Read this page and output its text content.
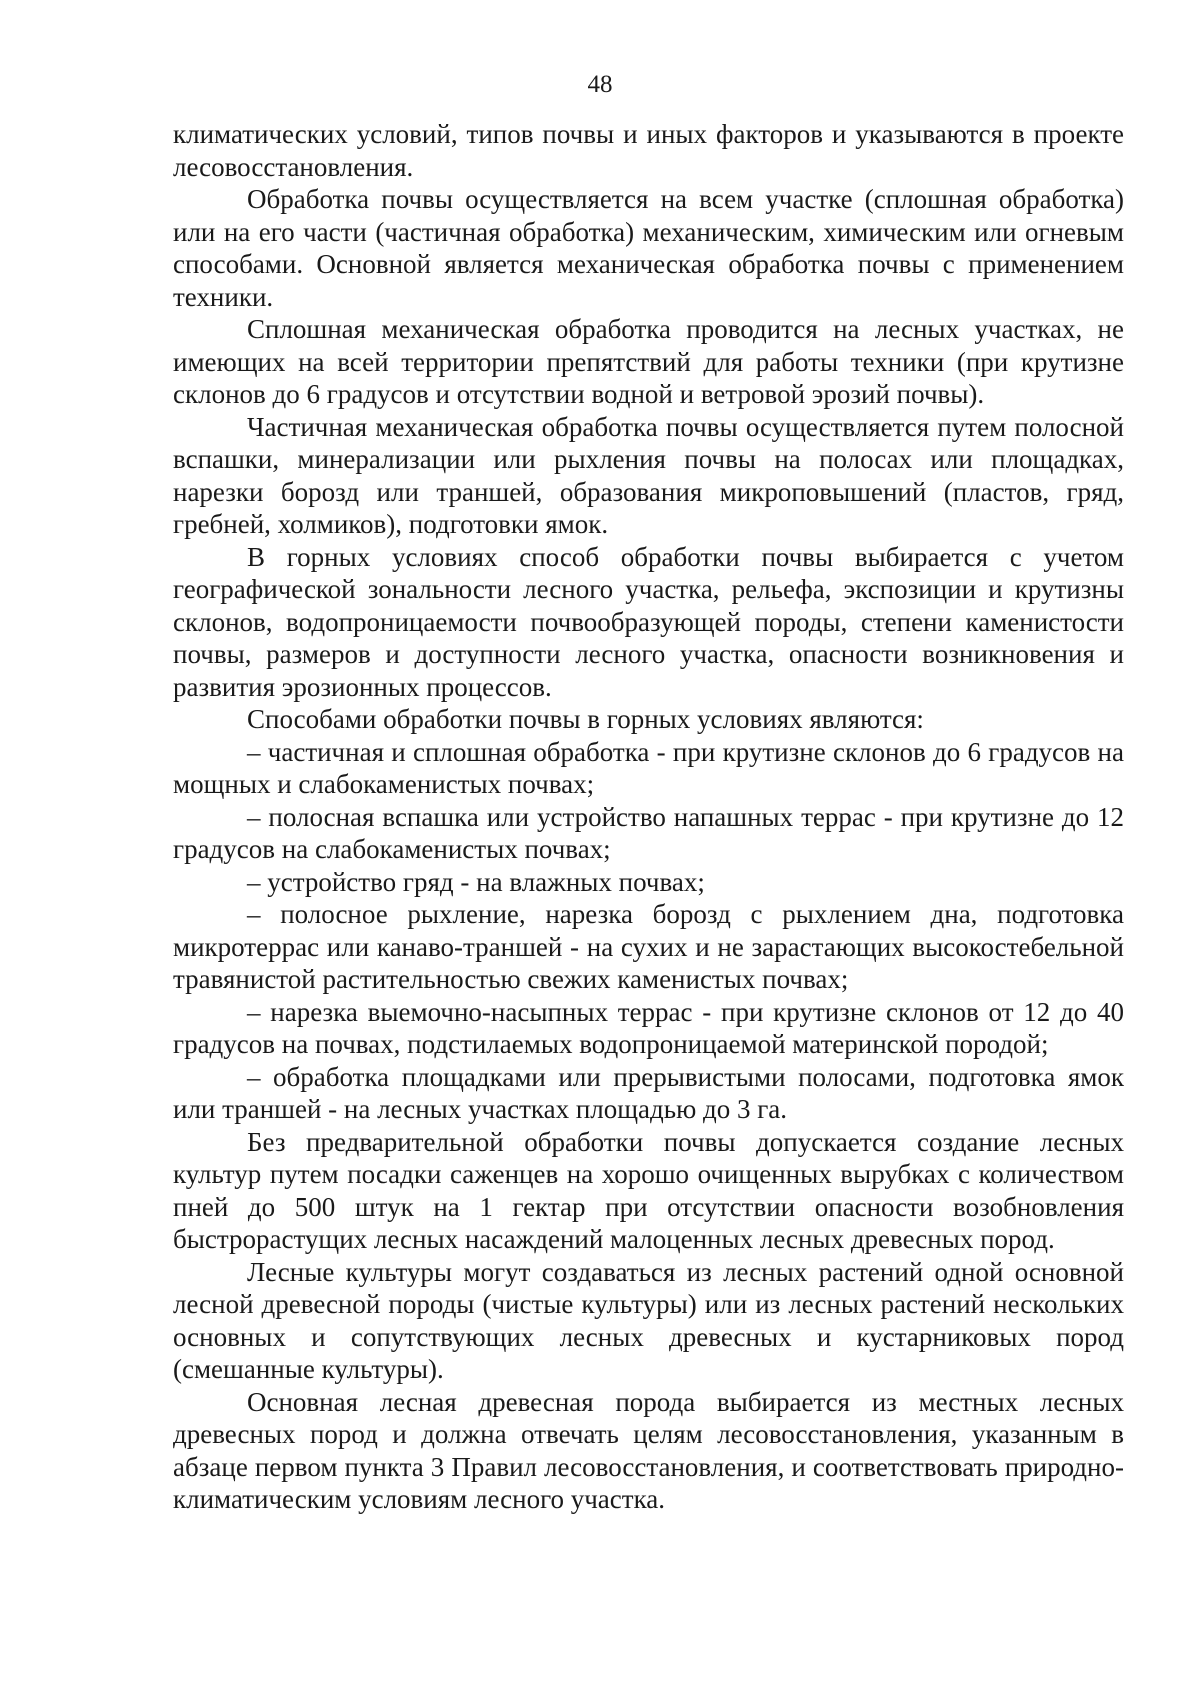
48

климатических условий, типов почвы и иных факторов и указываются в проекте лесовосстановления.

Обработка почвы осуществляется на всем участке (сплошная обработка) или на его части (частичная обработка) механическим, химическим или огневым способами. Основной является механическая обработка почвы с применением техники.

Сплошная механическая обработка проводится на лесных участках, не имеющих на всей территории препятствий для работы техники (при крутизне склонов до 6 градусов и отсутствии водной и ветровой эрозий почвы).

Частичная механическая обработка почвы осуществляется путем полосной вспашки, минерализации или рыхления почвы на полосах или площадках, нарезки борозд или траншей, образования микроповышений (пластов, гряд, гребней, холмиков), подготовки ямок.

В горных условиях способ обработки почвы выбирается с учетом географической зональности лесного участка, рельефа, экспозиции и крутизны склонов, водопроницаемости почвообразующей породы, степени каменистости почвы, размеров и доступности лесного участка, опасности возникновения и развития эрозионных процессов.

Способами обработки почвы в горных условиях являются:

– частичная и сплошная обработка - при крутизне склонов до 6 градусов на мощных и слабокаменистых почвах;

– полосная вспашка или устройство напашных террас - при крутизне до 12 градусов на слабокаменистых почвах;

– устройство гряд - на влажных почвах;

– полосное рыхление, нарезка борозд с рыхлением дна, подготовка микротеррас или канаво-траншей - на сухих и не зарастающих высокостебельной травянистой растительностью свежих каменистых почвах;

– нарезка выемочно-насыпных террас - при крутизне склонов от 12 до 40 градусов на почвах, подстилаемых водопроницаемой материнской породой;

– обработка площадками или прерывистыми полосами, подготовка ямок или траншей - на лесных участках площадью до 3 га.

Без предварительной обработки почвы допускается создание лесных культур путем посадки саженцев на хорошо очищенных вырубках с количеством пней до 500 штук на 1 гектар при отсутствии опасности возобновления быстрорастущих лесных насаждений малоценных лесных древесных пород.

Лесные культуры могут создаваться из лесных растений одной основной лесной древесной породы (чистые культуры) или из лесных растений нескольких основных и сопутствующих лесных древесных и кустарниковых пород (смешанные культуры).

Основная лесная древесная порода выбирается из местных лесных древесных пород и должна отвечать целям лесовосстановления, указанным в абзаце первом пункта 3 Правил лесовосстановления, и соответствовать природно-климатическим условиям лесного участка.
